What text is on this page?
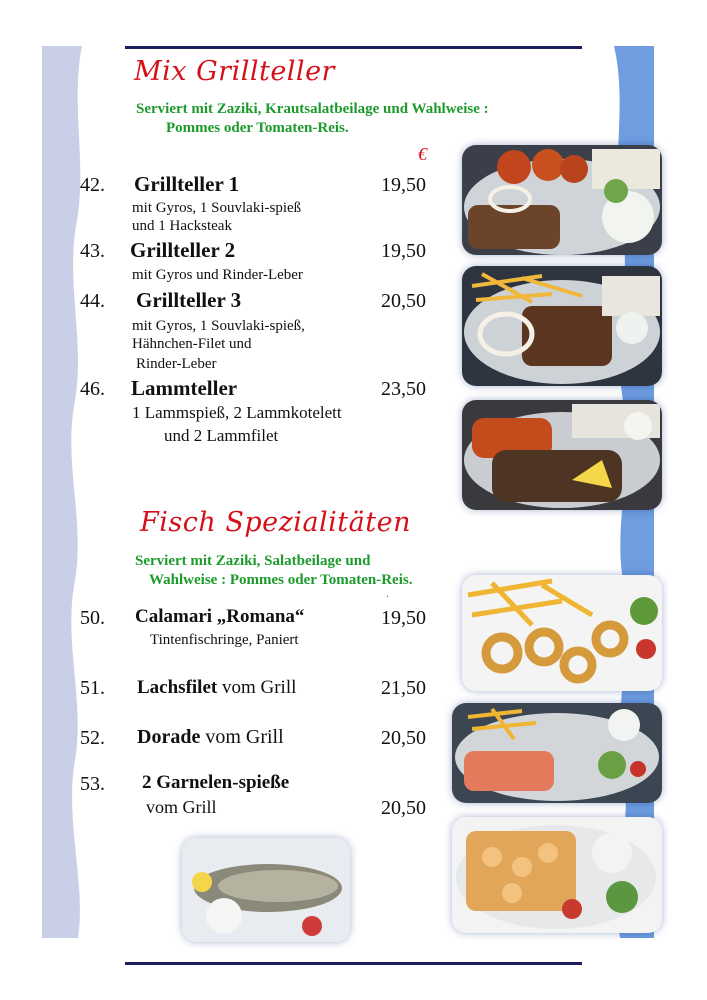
Mix Grillteller
Serviert mit Zaziki, Krautsalatbeilage und Wahlweise :
Pommes oder Tomaten-Reis.
€
42. Grillteller 1	19,50
mit Gyros, 1 Souvlaki-spieß
und 1 Hacksteak
43. Grillteller 2	19,50
mit Gyros und Rinder-Leber
44. Grillteller 3	20,50
mit Gyros, 1 Souvlaki-spieß,
Hähnchen-Filet und
Rinder-Leber
46. Lammteller	23,50
1 Lammspieß, 2 Lammkotelett
und 2 Lammfilet
Fisch Spezialitäten
Serviert mit Zaziki, Salatbeilage und
Wahlweise : Pommes oder Tomaten-Reis.
.
50. Calamari „Romana“	19,50
Tintenfischringe, Paniert
51. Lachsfilet vom Grill	21,50
52. Dorade vom Grill	20,50
53. 2 Garnelen-spieße
vom Grill	20,50
